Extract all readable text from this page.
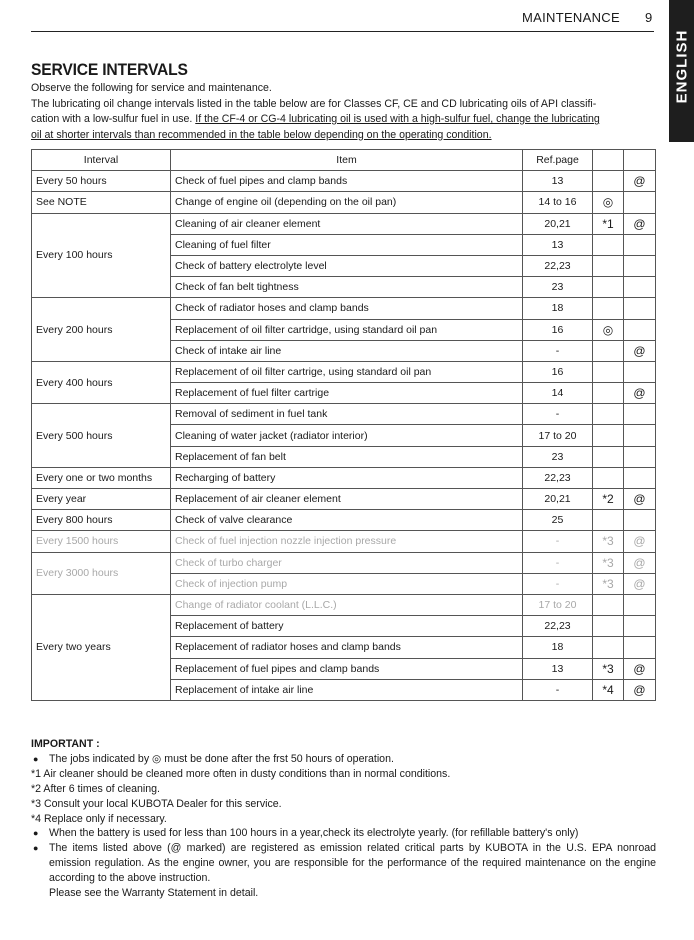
MAINTENANCE 9
ENGLISH
SERVICE INTERVALS

Observe the following for service and maintenance.

The lubricating oil change intervals listed in the table below are for Classes CF, CE and CD lubricating oils of API classifi-

cation with a low-sulfur fuel in use. If the CF-4 or CG-4 lubricating oil is used with a high-sulfur fuel, change the lubricating

oil at shorter intervals than recommended in the table below depending on the operating condition.

Interval	Item	Ref.page		
Every 50 hours	Check of fuel pipes and clamp bands	13		@
See NOTE	Change of engine oil (depending on the oil pan)	14 to 16	◎	
Every 100 hours	Cleaning of air cleaner element	20,21	*1	@
	Cleaning of fuel filter	13		
	Check of battery electrolyte level	22,23		
	Check of fan belt tightness	23		
Every 200 hours	Check of radiator hoses and clamp bands	18		
	Replacement of oil filter cartridge, using standard oil pan	16	◎	
	Check of intake air line	-		@
Every 400 hours	Replacement of oil filter cartrige, using standard oil pan	16		
	Replacement of fuel filter cartrige	14		@
Every 500 hours	Removal of sediment in fuel tank	-		
	Cleaning of water jacket (radiator interior)	17 to 20		
	Replacement of fan belt	23		
Every one or two months	Recharging of battery	22,23		
Every year	Replacement of air cleaner element	20,21	*2	@
Every 800 hours	Check of valve clearance	25		
Every 1500 hours	Check of fuel injection nozzle injection pressure	-	*3	@
Every 3000 hours	Check of turbo charger	-	*3	@
	Check of injection pump	-	*3	@
Every two years	Change of radiator coolant (L.L.C.)	17 to 20		
	Replacement of battery	22,23		
	Replacement of radiator hoses and clamp bands	18		
	Replacement of fuel pipes and clamp bands	13	*3	@
	Replacement of intake air line	-	*4	@

IMPORTANT :

● The jobs indicated by ◎ must be done after the frst 50 hours of operation.

*1 Air cleaner should be cleaned more often in dusty conditions than in normal conditions.

*2 After 6 times of cleaning.

*3 Consult your local KUBOTA Dealer for this service.

*4 Replace only if necessary.

● When the battery is used for less than 100 hours in a year,check its electrolyte yearly. (for refillable battery's only)

● The items listed above (@ marked) are registered as emission related critical parts by KUBOTA in the U.S. EPA nonroad emission regulation. As the engine owner, you are responsible for the performance of the required maintenance on the engine according to the above instruction.

Please see the Warranty Statement in detail.
